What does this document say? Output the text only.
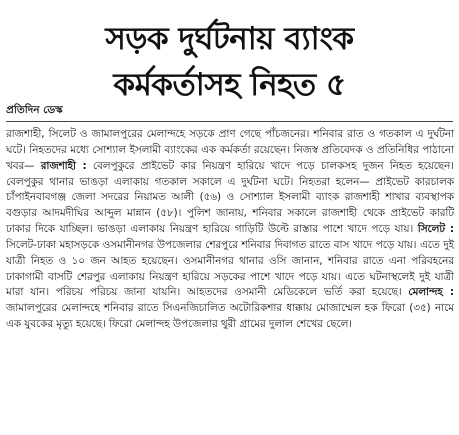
সড়ক দুর্ঘটনায় ব্যাংক
কর্মকর্তাসহ নিহত ৫
প্রতিদিন ডেস্ক
রাজশাহী, সিলেট ও জামালপুরের মেলান্দহে সড়কে প্রাণ গেছে পাঁচজনের। শনিবার রাত ও গতকাল এ দুর্ঘটনা ঘটে। নিহতদের মধ্যে সোশ্যাল ইসলামী ব্যাংকের এক কর্মকর্তা রয়েছেন। নিজস্ব প্রতিবেদক ও প্রতিনিধির পাঠানো খবর— রাজশাহী : বেলপুকুরে প্রাইভেট কার নিয়ন্ত্রণ হারিয়ে খাদে পড়ে চালকসহ দুজন নিহত হয়েছেন। বেলপুকুর থানার ভাঙড়া এলাকায় গতকাল সকালে এ দুর্ঘটনা ঘটে। নিহতরা হলেন— প্রাইভেট কারচালক চাঁপাইনবাবগঞ্জ জেলা সদরের নিয়ামত আলী (৫৬) ও সোশ্যাল ইসলামী ব্যাংক রাজশাহী শাখার ব্যবস্থাপক বগুড়ার আদমদীঘির আব্দুল মান্নান (৫৮)। পুলিশ জানায়, শনিবার সকালে রাজশাহী থেকে প্রাইভেট কারটি ঢাকার দিকে যাচ্ছিল। ভাঙড়া এলাকায় নিয়ন্ত্রণ হারিয়ে গাড়িটি উল্টে রাস্তার পাশে খাদে পড়ে যায়। সিলেট : সিলেট-ঢাকা মহাসড়কে ওসমানীনগর উপজেলার শেরপুরে শনিবার দিবাগত রাতে বাস খাদে পড়ে যায়। এতে দুই যাত্রী নিহত ও ১০ জন আহত হয়েছেন। ওসমানীনগর থানার ওসি জানান, শনিবার রাতে এনা পরিবহনের ঢাকাগামী বাসটি শেরপুর এলাকায় নিয়ন্ত্রণ হারিয়ে সড়কের পাশে খাদে পড়ে যায়। এতে ঘটনাস্থলেই দুই যাত্রী মারা যান। পরিচয় পরিচয় জানা যায়নি। আহতদের ওসমানী মেডিকেলে ভর্তি করা হয়েছে। মেলান্দহ : জামালপুরের মেলান্দহে শনিবার রাতে সিএনজিচালিত অটোরিকশার ধাক্কায় মোজাম্মেল হক ফিরো (৩৫) নামে এক যুবকের মৃত্যু হয়েছে। ফিরো মেলান্দহ উপজেলার থুরী গ্রামের দুলাল শেখের ছেলে।
